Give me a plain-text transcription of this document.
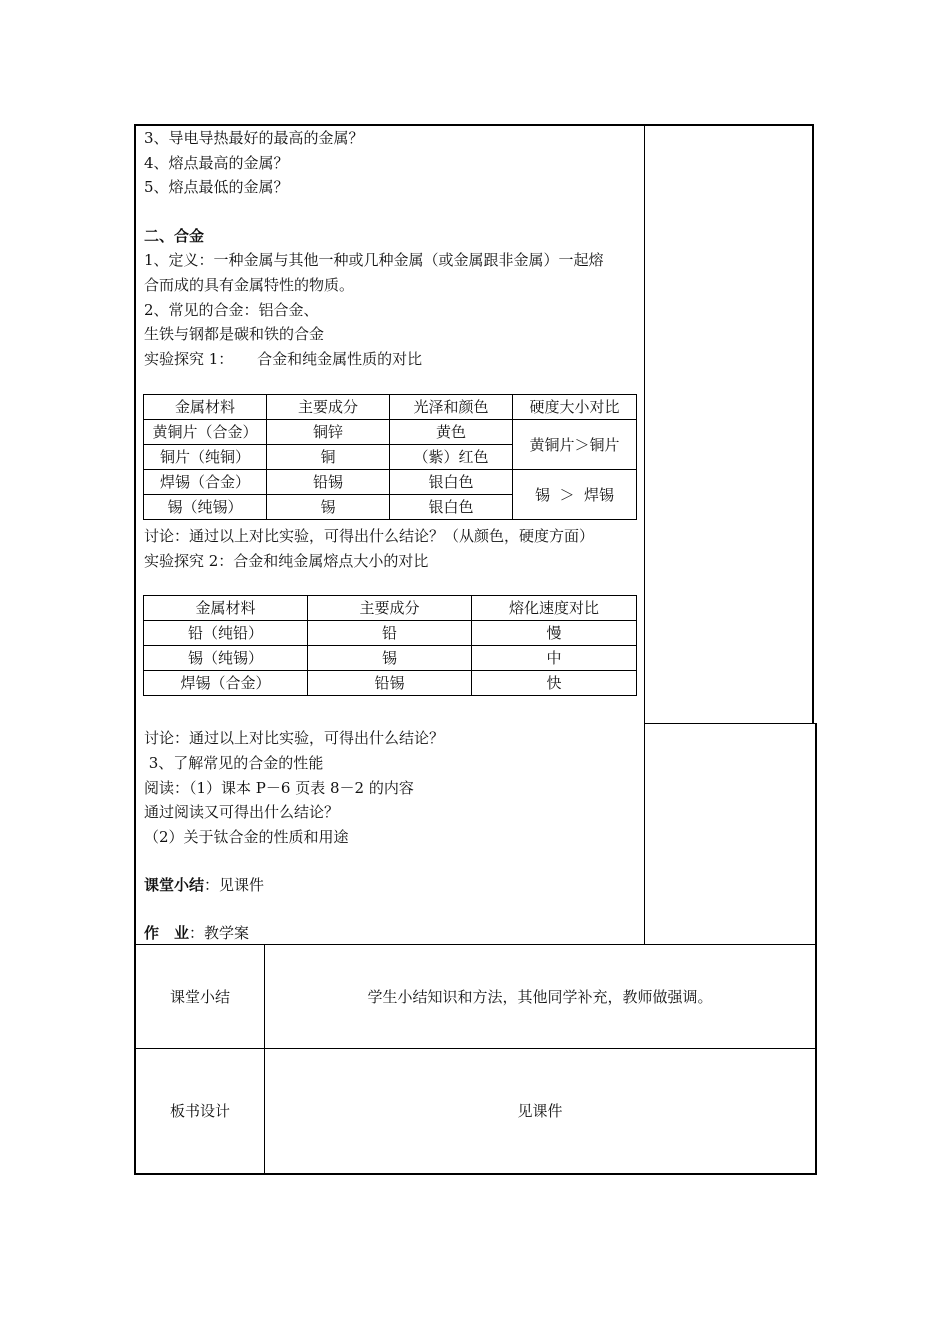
3、导电导热最好的最高的金属？
4、熔点最高的金属？
5、熔点最低的金属？
二、合金
1、定义：一种金属与其他一种或几种金属（或金属跟非金属）一起熔
合而成的具有金属特性的物质。
2、常见的合金：铝合金、
生铁与钢都是碳和铁的合金
实验探究 1：     合金和纯金属性质的对比
金属材料	主要成分	光泽和颜色	硬度大小对比
黄铜片（合金）	铜锌	黄色	黄铜片＞铜片
铜片（纯铜）	铜	（紫）红色	
焊锡（合金）	铅锡	银白色	锡  ＞  焊锡
锡（纯锡）	锡	银白色	
讨论：通过以上对比实验，可得出什么结论？（从颜色，硬度方面）
实验探究 2：合金和纯金属熔点大小的对比
金属材料	主要成分	熔化速度对比
铅（纯铅）	铅	慢
锡（纯锡）	锡	中
焊锡（合金）	铅锡	快
讨论：通过以上对比实验，可得出什么结论？
3、了解常见的合金的性能
阅读：（1）课本 P－6 页表 8－2 的内容
通过阅读又可得出什么结论？
（2）关于钛合金的性质和用途
课堂小结：见课件
作　业：教学案
课堂小结	学生小结知识和方法，其他同学补充，教师做强调。
板书设计	见课件
